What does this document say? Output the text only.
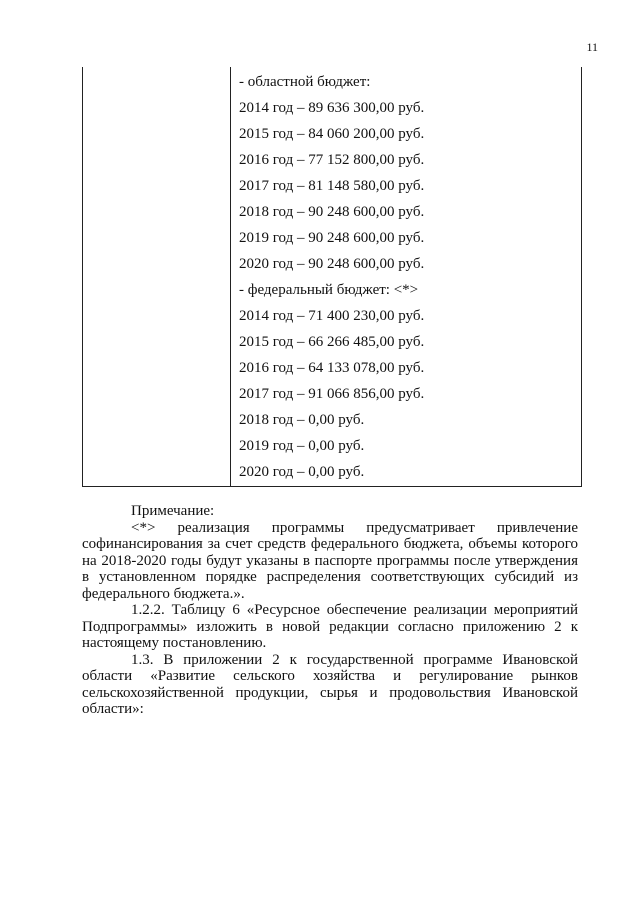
11
- областной бюджет:
2014 год – 89 636 300,00 руб.
2015 год – 84 060 200,00 руб.
2016 год – 77 152 800,00 руб.
2017 год – 81 148 580,00 руб.
2018 год – 90 248 600,00 руб.
2019 год – 90 248 600,00 руб.
2020 год – 90 248 600,00 руб.
- федеральный бюджет: <*>
2014 год – 71 400 230,00 руб.
2015 год – 66 266 485,00 руб.
2016 год – 64 133 078,00 руб.
2017 год – 91 066 856,00 руб.
2018 год – 0,00 руб.
2019 год – 0,00 руб.
2020 год – 0,00 руб.

Примечание:

<*> реализация программы предусматривает привлечение софинансирования за счет средств федерального бюджета, объемы которого на 2018-2020 годы будут указаны в паспорте программы после утверждения в установленном порядке распределения соответствующих субсидий из федерального бюджета.».

1.2.2. Таблицу 6 «Ресурсное обеспечение реализации мероприятий Подпрограммы» изложить в новой редакции согласно приложению 2 к настоящему постановлению.

1.3. В приложении 2 к государственной программе Ивановской области «Развитие сельского хозяйства и регулирование рынков сельскохозяйственной продукции, сырья и продовольствия Ивановской области»:
